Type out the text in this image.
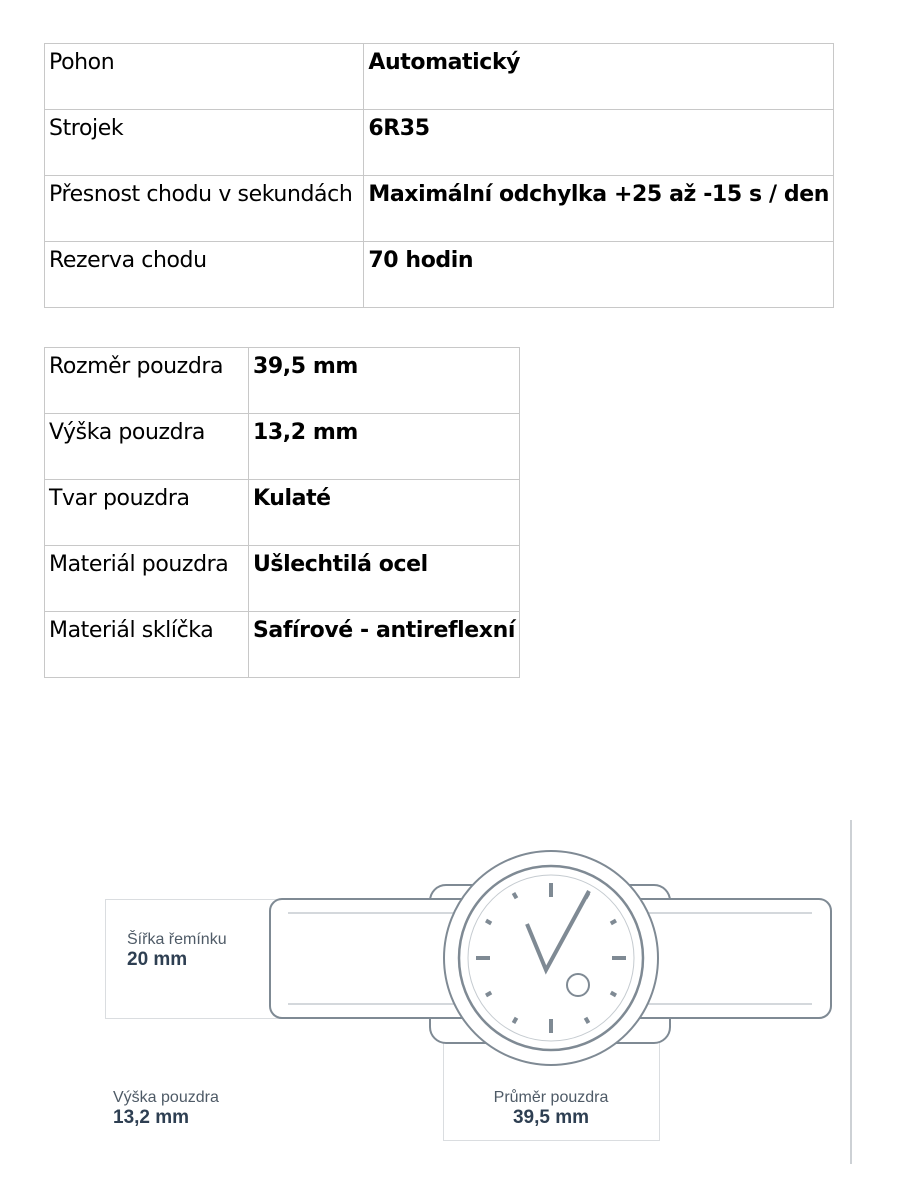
Pohon	Automatický
Strojek	6R35
Přesnost chodu v sekundách	Maximální odchylka +25 až -15 s / den
Rezerva chodu	70 hodin
Rozměr pouzdra	39,5 mm
Výška pouzdra	13,2 mm
Tvar pouzdra	Kulaté
Materiál pouzdra	Ušlechtilá ocel
Materiál sklíčka	Safírové - antireflexní
Šířka řemínku
20 mm
Výška pouzdra
13,2 mm
Průměr pouzdra
39,5 mm
